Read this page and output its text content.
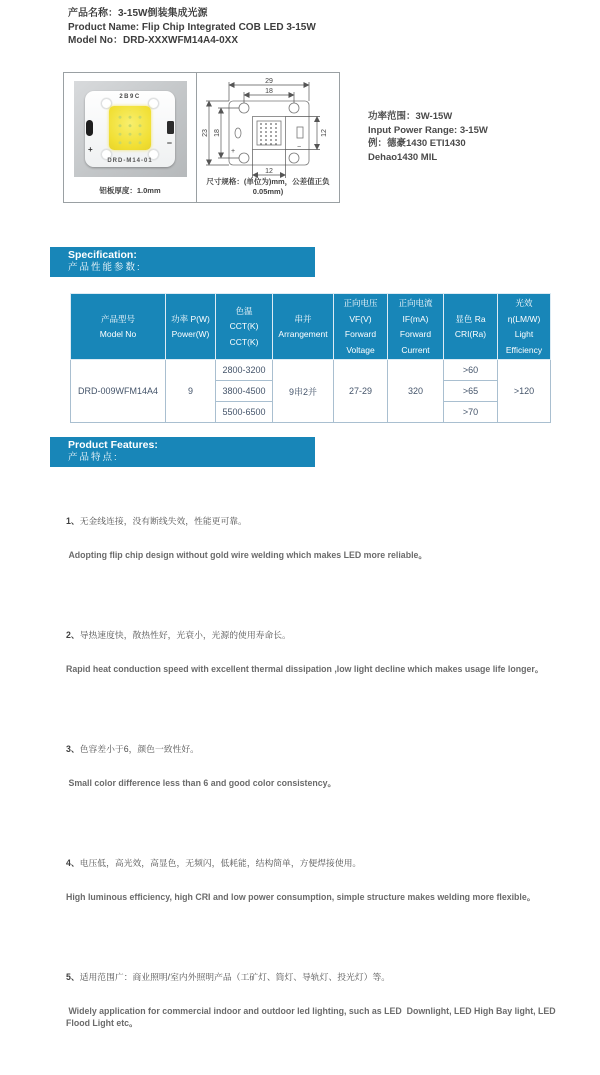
产品名称：3-15W倒装集成光源
Product Name: Flip Chip Integrated COB LED 3-15W
Model No：DRD-XXXWFM14A4-0XX
2B9C
+
−
DRD-M14-01
铝板厚度：1.0mm
+
−
29
18
23 18	12
12
尺寸规格：(单位为)mm，公差值正负0.05mm)
功率范围：3W-15W
Input Power Range: 3-15W
例：德豪1430 ETI1430
Dehao1430 MIL
Specification:
产品性能参数:
产品型号
Model No

功率 P(W)
Power(W)

色温
CCT(K)
CCT(K)

串并
Arrangement

正向电压
VF(V)
Forward
Voltage

正向电流
IF(mA)
Forward
Current

显色 Ra
CRI(Ra)

光效
η(LM/W)
Light
Efficiency

DRD-009WFM14A4	9	2800-3200	9串2并	27-29	320	>60	>120
		3800-4500				>65	
		5500-6500				>70	
Product Features:
产品特点:

1、无金线连接，没有断线失效，性能更可靠。

Adopting flip chip design without gold wire welding which makes LED more reliable。

2、导热速度快，散热性好，光衰小，光源的使用寿命长。

Rapid heat conduction speed with excellent thermal dissipation ,low light decline which makes usage life longer。

3、色容差小于6，颜色一致性好。

Small color difference less than 6 and good color consistency。

4、电压低，高光效，高显色，无频闪，低耗能，结构简单，方便焊接使用。

High luminous efficiency, high CRI and low power consumption, simple structure makes welding more flexible。

5、适用范围广：商业照明/室内外照明产品（工矿灯、筒灯、导轨灯、投光灯）等。

Widely application for commercial indoor and outdoor led lighting, such as LED  Downlight, LED High Bay light, LED Flood Light etc。
